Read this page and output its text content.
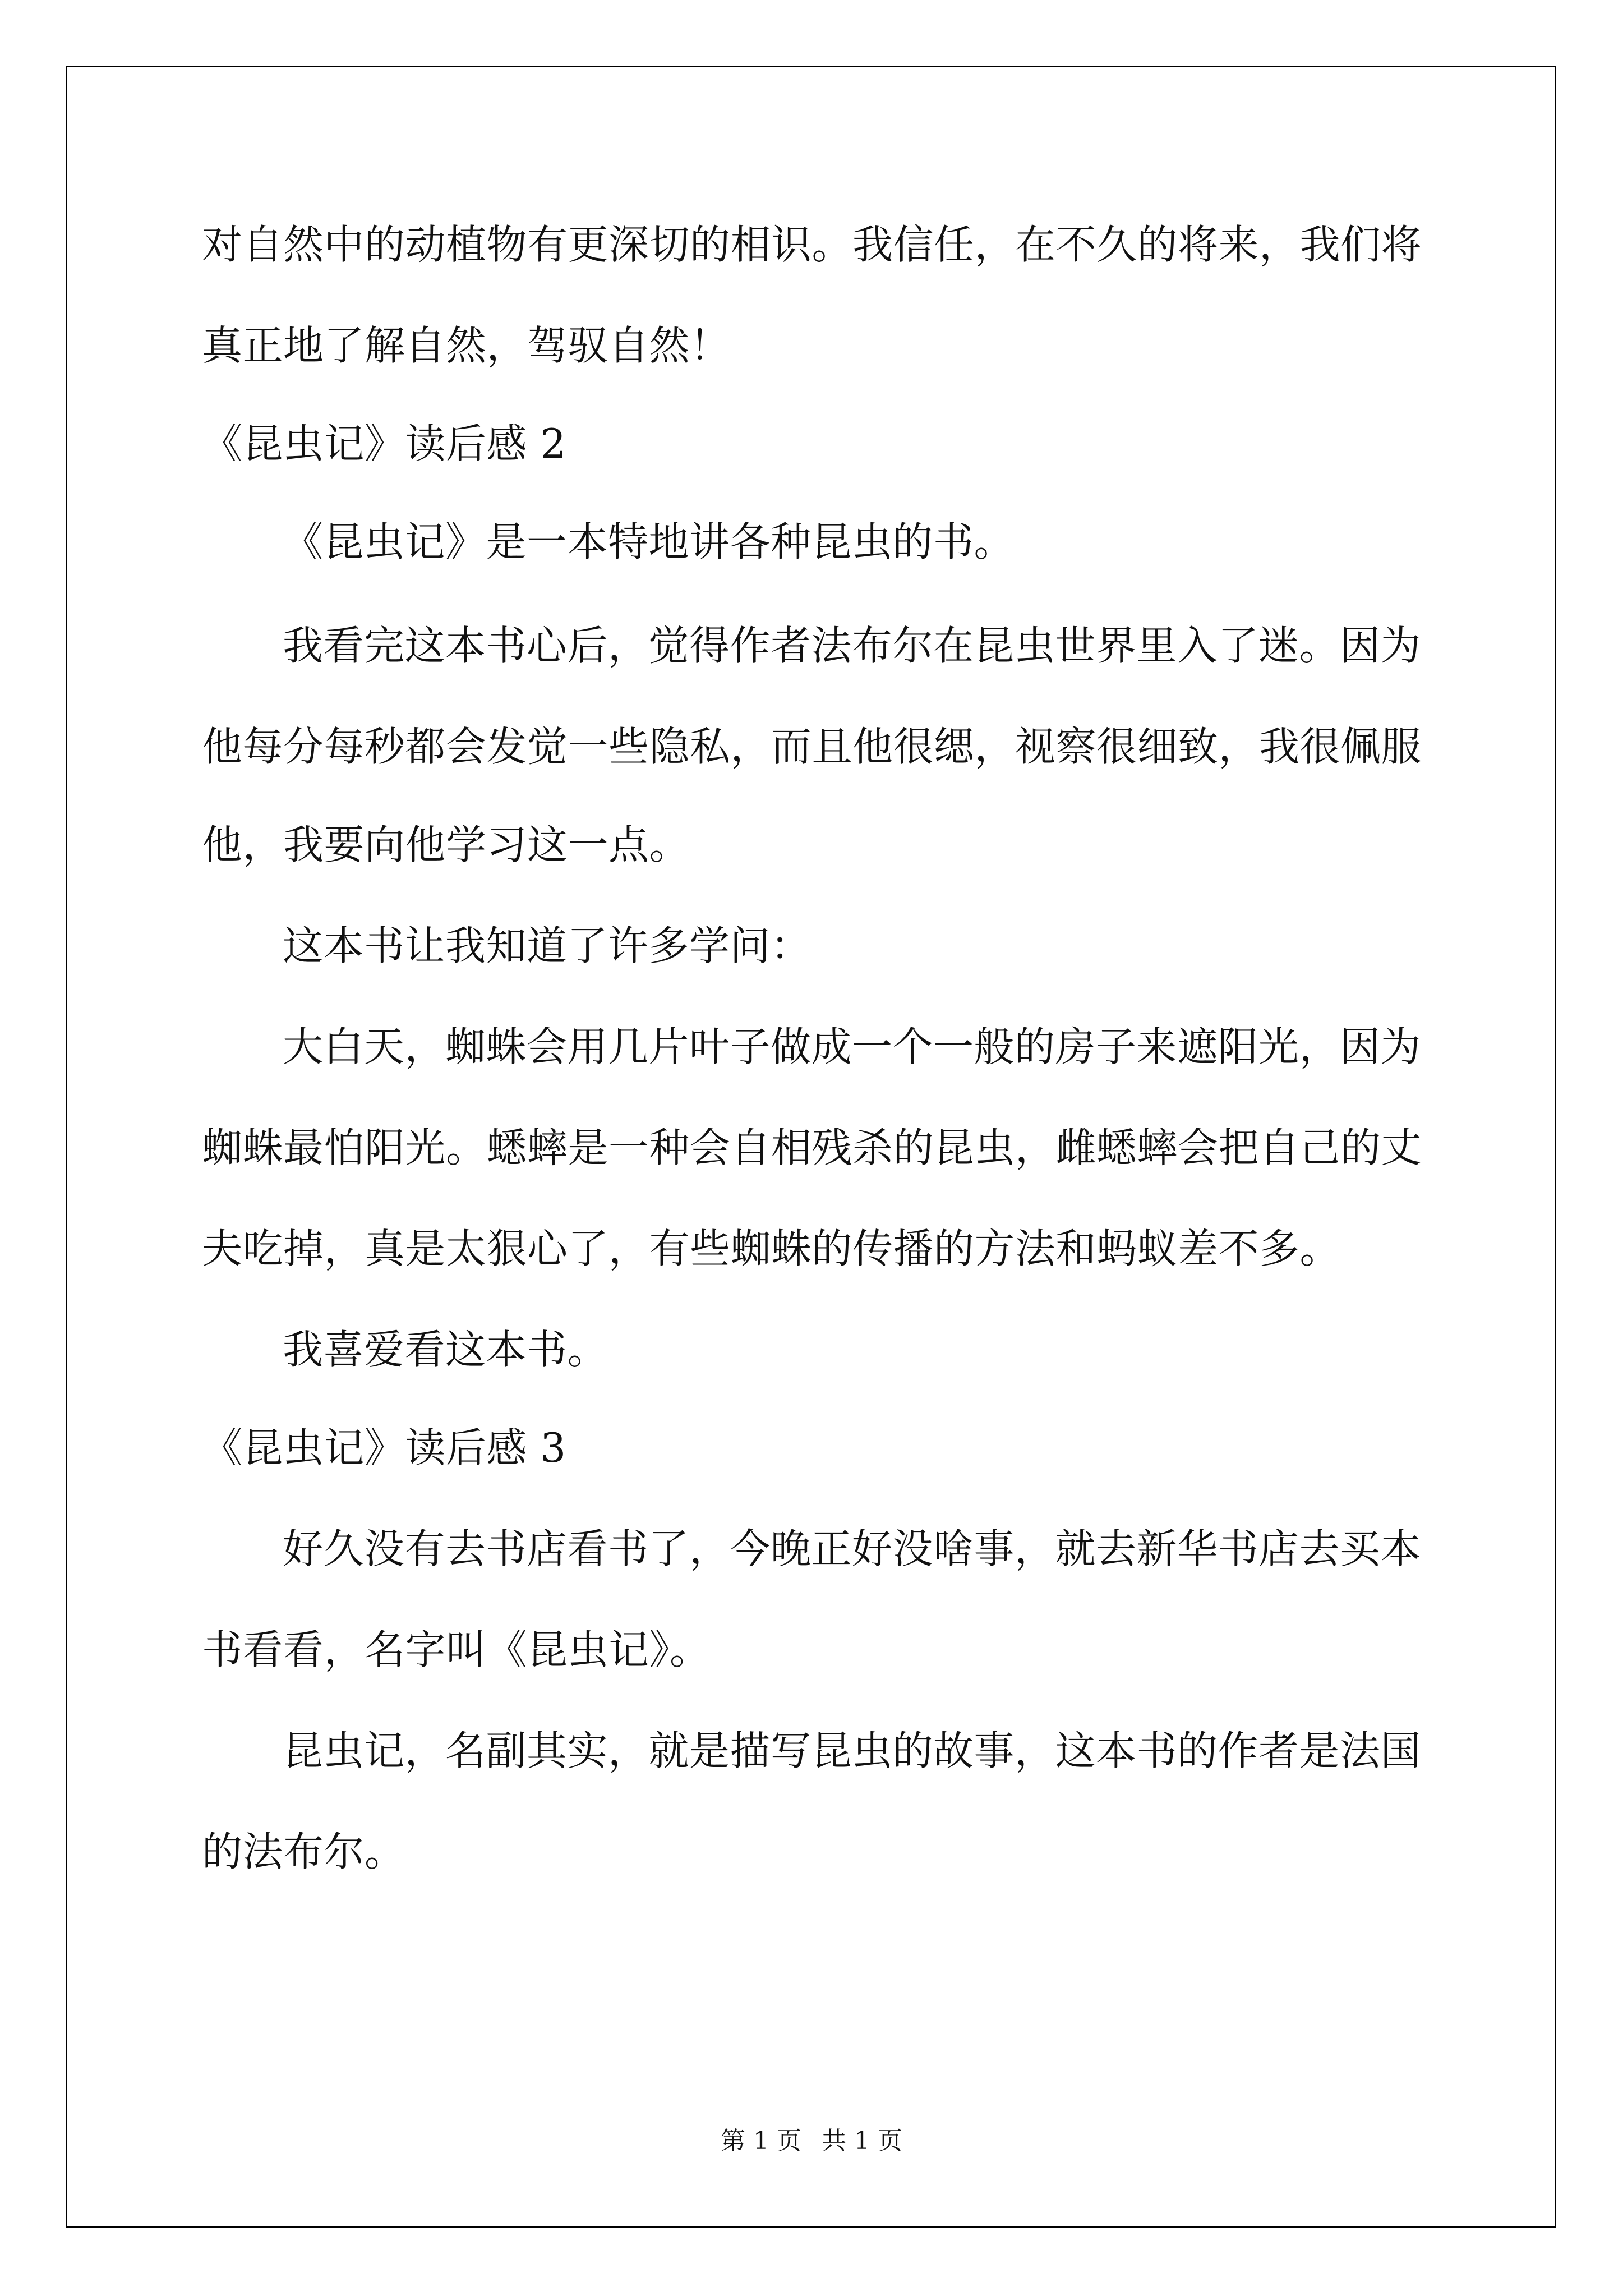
对自然中的动植物有更深切的相识。我信任，在不久的将来，我们将
真正地了解自然，驾驭自然！
《昆虫记》读后感 2
《昆虫记》是一本特地讲各种昆虫的书。
我看完这本书心后，觉得作者法布尔在昆虫世界里入了迷。因为
他每分每秒都会发觉一些隐私，而且他很缌，视察很细致，我很佩服
他，我要向他学习这一点。
这本书让我知道了许多学问：
大白天，蜘蛛会用几片叶子做成一个一般的房子来遮阳光，因为
蜘蛛最怕阳光。蟋蟀是一种会自相残杀的昆虫，雌蟋蟀会把自己的丈
夫吃掉，真是太狠心了，有些蜘蛛的传播的方法和蚂蚁差不多。
我喜爱看这本书。
《昆虫记》读后感 3
好久没有去书店看书了，今晚正好没啥事，就去新华书店去买本
书看看，名字叫《昆虫记》。
昆虫记，名副其实，就是描写昆虫的故事，这本书的作者是法国
的法布尔。
第 1 页 共 1 页
